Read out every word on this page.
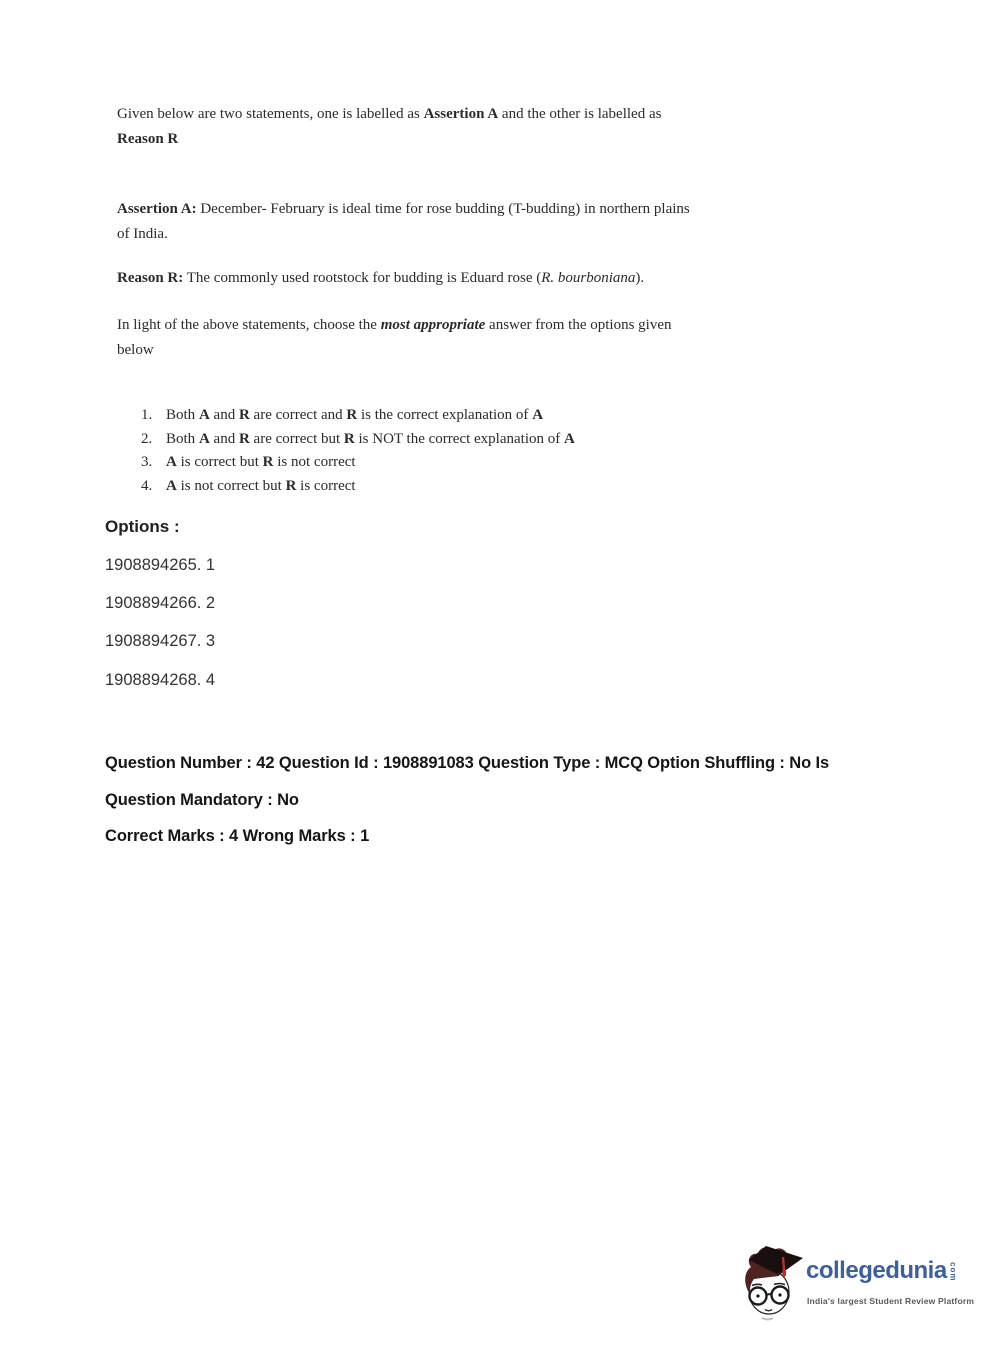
Given below are two statements, one is labelled as Assertion A and the other is labelled as
Reason R

Assertion A: December- February is ideal time for rose budding (T-budding) in northern plains
of India.

Reason R: The commonly used rootstock for budding is Eduard rose (R. bourboniana).

In light of the above statements, choose the most appropriate answer from the options given
below

1. Both A and R are correct and R is the correct explanation of A
2. Both A and R are correct but R is NOT the correct explanation of A
3. A is correct but R is not correct
4. A is not correct but R is correct
Options :
1908894265. 1
1908894266. 2
1908894267. 3
1908894268. 4
Question Number : 42 Question Id : 1908891083 Question Type : MCQ Option Shuffling : No Is
Question Mandatory : No
Correct Marks : 4 Wrong Marks : 1
collegedunia com
India's largest Student Review Platform
